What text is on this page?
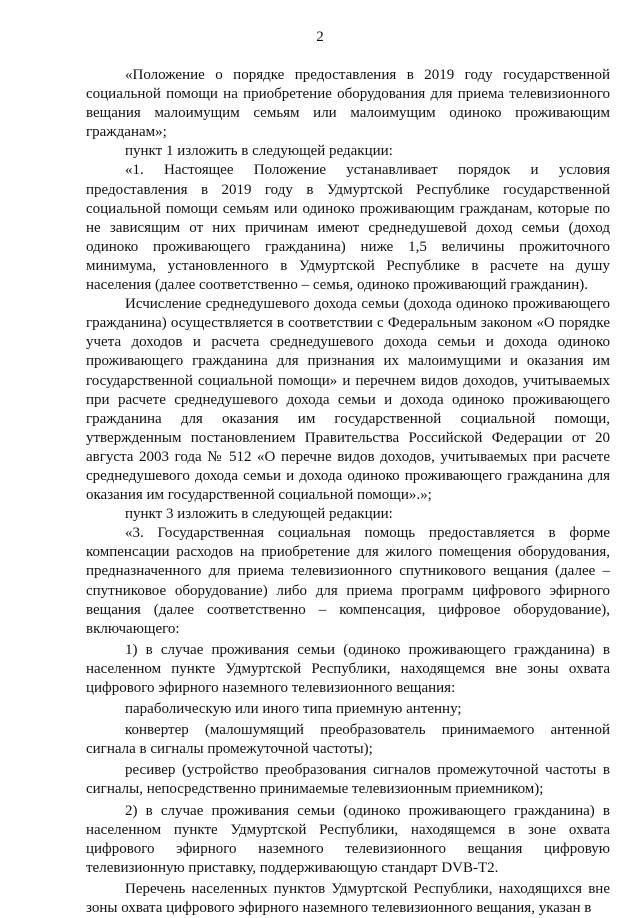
2

«Положение о порядке предоставления в 2019 году государственной социальной помощи на приобретение оборудования для приема телевизионного вещания малоимущим семьям или малоимущим одиноко проживающим гражданам»;

пункт 1 изложить в следующей редакции:

«1. Настоящее Положение устанавливает порядок и условия предоставления в 2019 году в Удмуртской Республике государственной социальной помощи семьям или одиноко проживающим гражданам, которые по не зависящим от них причинам имеют среднедушевой доход семьи (доход одиноко проживающего гражданина) ниже 1,5 величины прожиточного минимума, установленного в Удмуртской Республике в расчете на душу населения (далее соответственно – семья, одиноко проживающий гражданин).

Исчисление среднедушевого дохода семьи (дохода одиноко проживающего гражданина) осуществляется в соответствии с Федеральным законом «О порядке учета доходов и расчета среднедушевого дохода семьи и дохода одиноко проживающего гражданина для признания их малоимущими и оказания им государственной социальной помощи» и перечнем видов доходов, учитываемых при расчете среднедушевого дохода семьи и дохода одиноко проживающего гражданина для оказания им государственной социальной помощи, утвержденным постановлением Правительства Российской Федерации от 20 августа 2003 года № 512 «О перечне видов доходов, учитываемых при расчете среднедушевого дохода семьи и дохода одиноко проживающего гражданина для оказания им государственной социальной помощи».»;

пункт 3 изложить в следующей редакции:

«3. Государственная социальная помощь предоставляется в форме компенсации расходов на приобретение для жилого помещения оборудования, предназначенного для приема телевизионного спутникового вещания (далее – спутниковое оборудование) либо для приема программ цифрового эфирного вещания (далее соответственно – компенсация, цифровое оборудование), включающего:

1) в случае проживания семьи (одиноко проживающего гражданина) в населенном пункте Удмуртской Республики, находящемся вне зоны охвата цифрового эфирного наземного телевизионного вещания:

параболическую или иного типа приемную антенну;

конвертер (малошумящий преобразователь принимаемого антенной сигнала в сигналы промежуточной частоты);

ресивер (устройство преобразования сигналов промежуточной частоты в сигналы, непосредственно принимаемые телевизионным приемником);

2) в случае проживания семьи (одиноко проживающего гражданина) в населенном пункте Удмуртской Республики, находящемся в зоне охвата цифрового эфирного наземного телевизионного вещания цифровую телевизионную приставку, поддерживающую стандарт DVB-T2.

Перечень населенных пунктов Удмуртской Республики, находящихся вне зоны охвата цифрового эфирного наземного телевизионного вещания, указан в
